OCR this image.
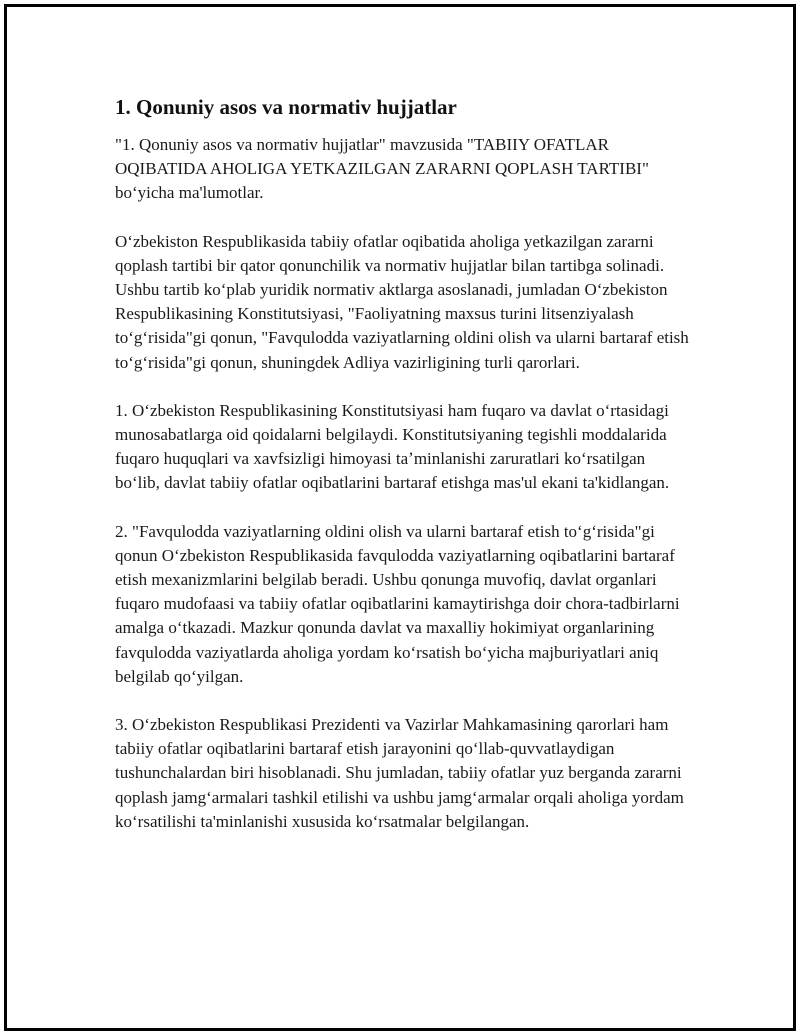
1. Qonuniy asos va normativ hujjatlar

"1. Qonuniy asos va normativ hujjatlar" mavzusida "TABIIY OFATLAR OQIBATIDA AHOLIGA YETKAZILGAN ZARARNI QOPLASH TARTIBI" boʻyicha ma'lumotlar.

Oʻzbekiston Respublikasida tabiiy ofatlar oqibatida aholiga yetkazilgan zararni qoplash tartibi bir qator qonunchilik va normativ hujjatlar bilan tartibga solinadi. Ushbu tartib koʻplab yuridik normativ aktlarga asoslanadi, jumladan Oʻzbekiston Respublikasining Konstitutsiyasi, "Faoliyatning maxsus turini litsenziyalash toʻgʻrisida"gi qonun, "Favqulodda vaziyatlarning oldini olish va ularni bartaraf etish toʻgʻrisida"gi qonun, shuningdek Adliya vazirligining turli qarorlari.

1. Oʻzbekiston Respublikasining Konstitutsiyasi ham fuqaro va davlat oʻrtasidagi munosabatlarga oid qoidalarni belgilaydi. Konstitutsiyaning tegishli moddalarida fuqaro huquqlari va xavfsizligi himoyasi taʼminlanishi zaruratlari koʻrsatilgan boʻlib, davlat tabiiy ofatlar oqibatlarini bartaraf etishga mas'ul ekani ta'kidlangan.

2. "Favqulodda vaziyatlarning oldini olish va ularni bartaraf etish toʻgʻrisida"gi qonun Oʻzbekiston Respublikasida favqulodda vaziyatlarning oqibatlarini bartaraf etish mexanizmlarini belgilab beradi. Ushbu qonunga muvofiq, davlat organlari fuqaro mudofaasi va tabiiy ofatlar oqibatlarini kamaytirishga doir chora-tadbirlarni amalga oʻtkazadi. Mazkur qonunda davlat va maxalliy hokimiyat organlarining favqulodda vaziyatlarda aholiga yordam koʻrsatish boʻyicha majburiyatlari aniq belgilab qoʻyilgan.

3. Oʻzbekiston Respublikasi Prezidenti va Vazirlar Mahkamasining qarorlari ham tabiiy ofatlar oqibatlarini bartaraf etish jarayonini qoʻllab-quvvatlaydigan tushunchalardan biri hisoblanadi. Shu jumladan, tabiiy ofatlar yuz berganda zararni qoplash jamgʻarmalari tashkil etilishi va ushbu jamgʻarmalar orqali aholiga yordam koʻrsatilishi ta'minlanishi xususida koʻrsatmalar belgilangan.
